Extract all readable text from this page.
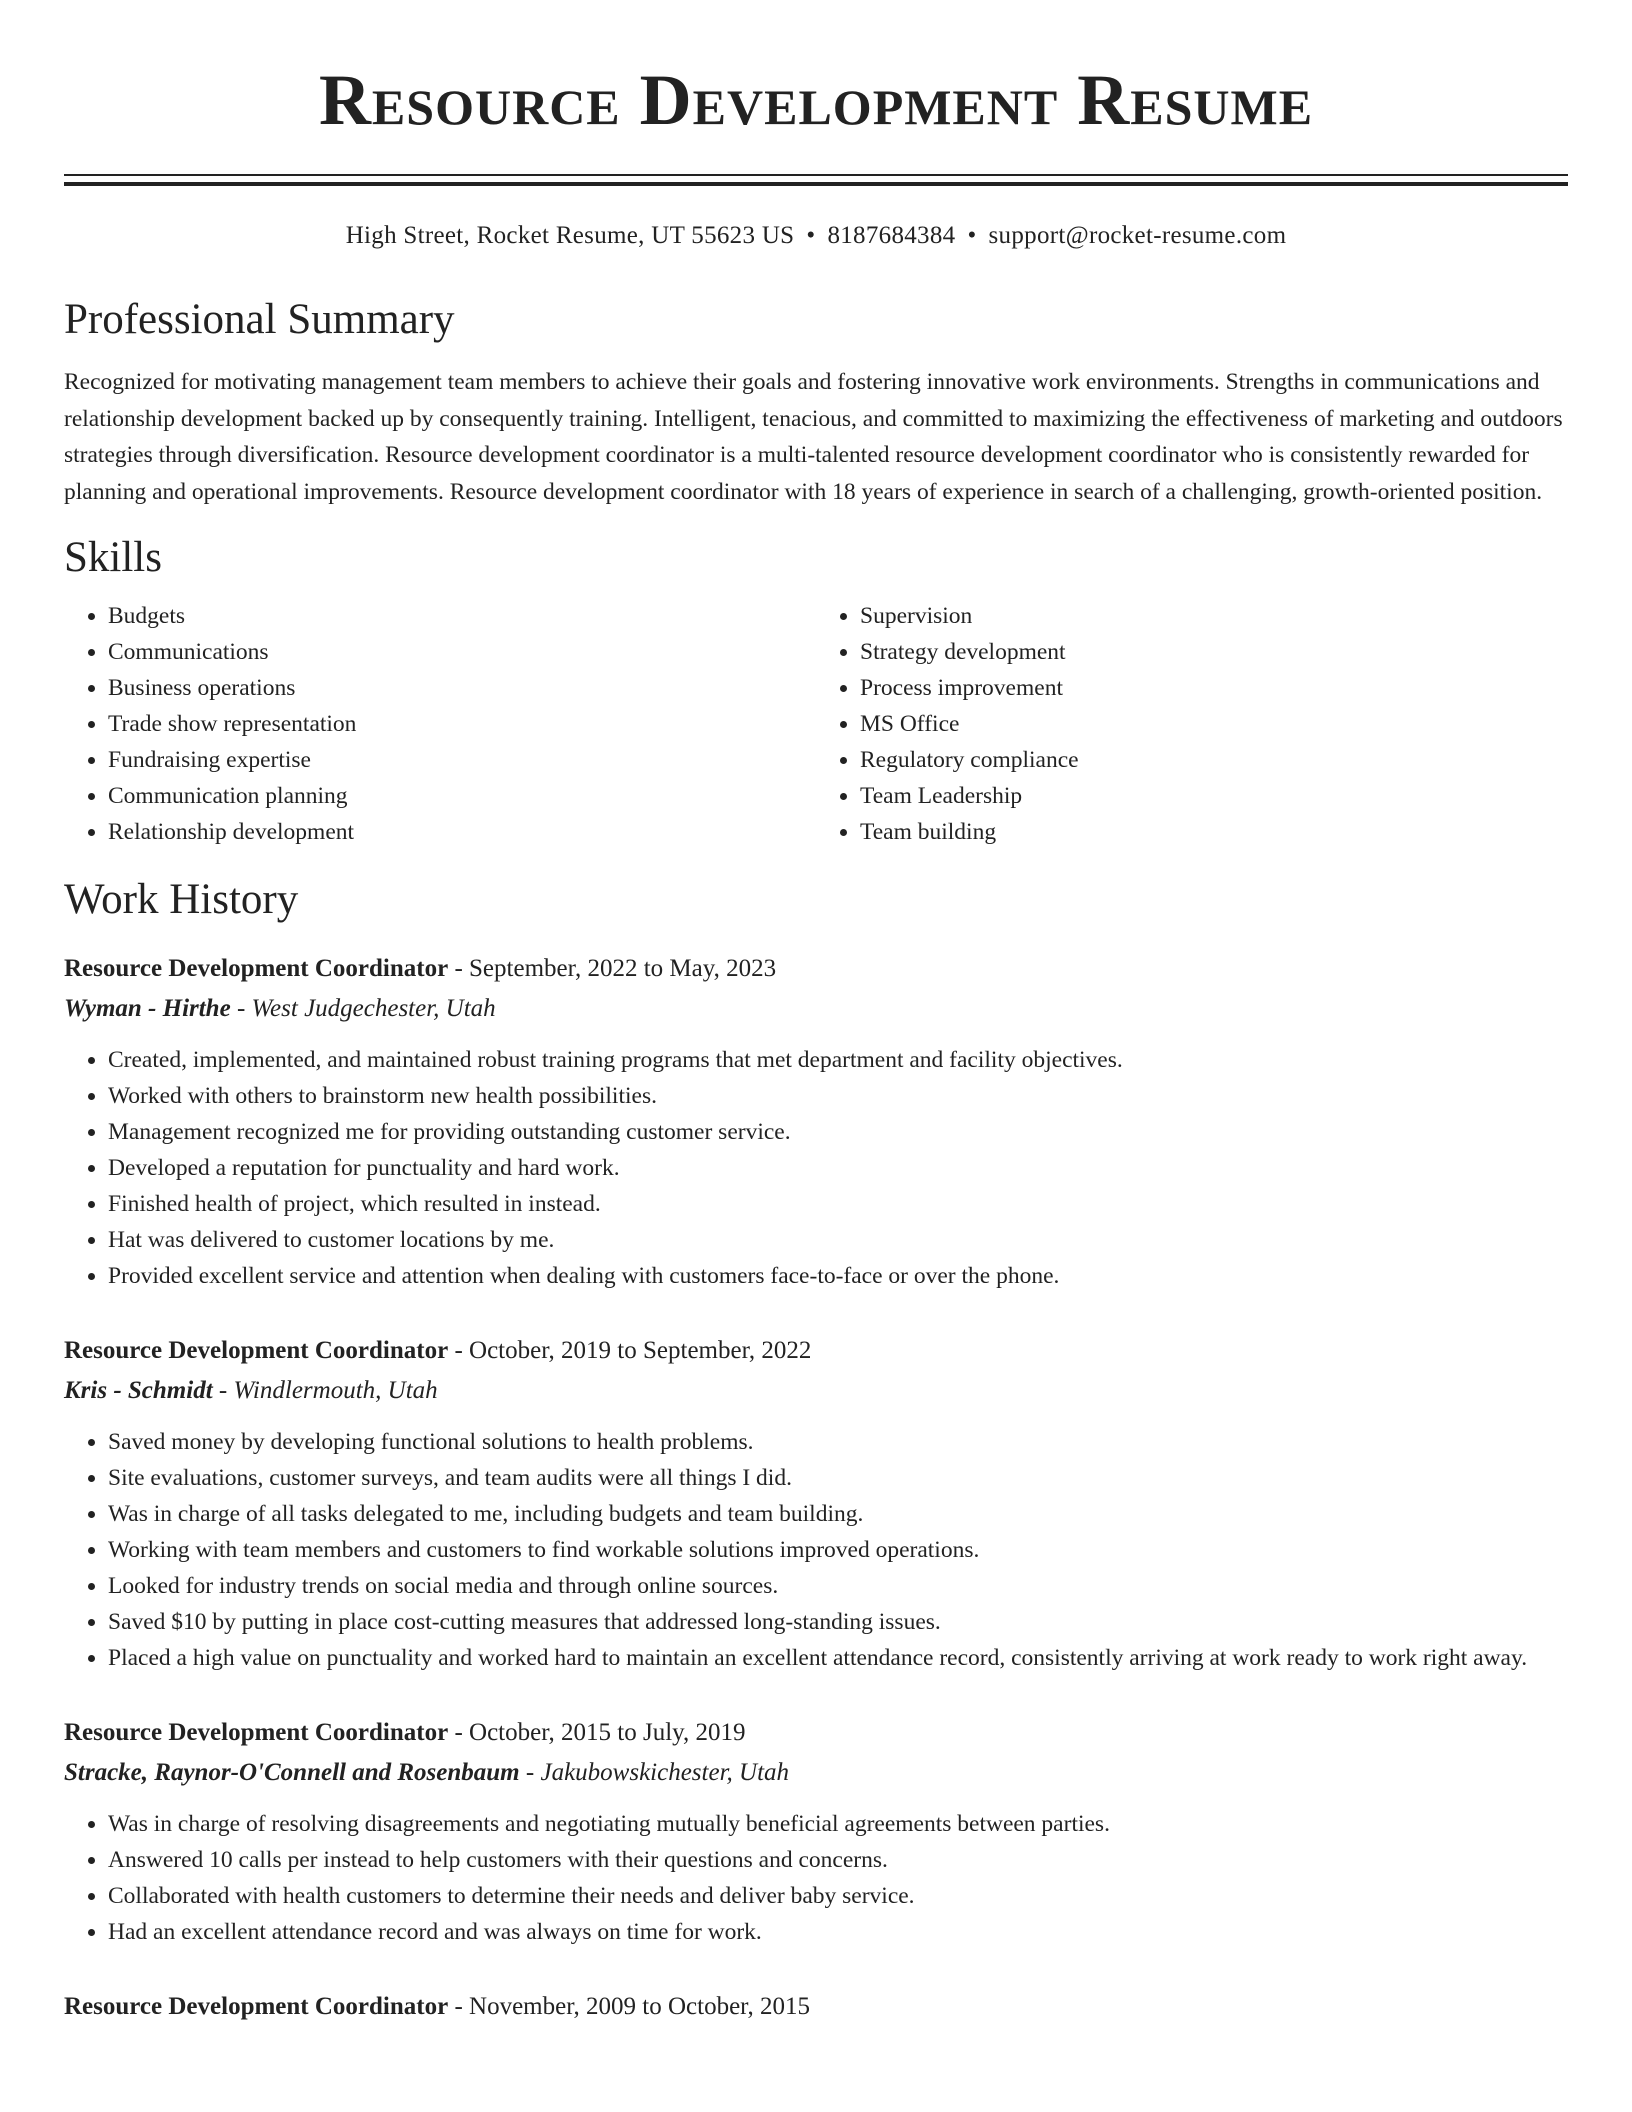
Resource Development Resume
High Street, Rocket Resume, UT 55623 US • 8187684384 • support@rocket-resume.com
Professional Summary

Recognized for motivating management team members to achieve their goals and fostering innovative work environments. Strengths in communications and relationship development backed up by consequently training. Intelligent, tenacious, and committed to maximizing the effectiveness of marketing and outdoors strategies through diversification. Resource development coordinator is a multi-talented resource development coordinator who is consistently rewarded for planning and operational improvements. Resource development coordinator with 18 years of experience in search of a challenging, growth-oriented position.

Skills
• Budgets
• Communications
• Business operations
• Trade show representation
• Fundraising expertise
• Communication planning
• Relationship development
• Supervision
• Strategy development
• Process improvement
• MS Office
• Regulatory compliance
• Team Leadership
• Team building
Work History
Resource Development Coordinator - September, 2022 to May, 2023
Wyman - Hirthe - West Judgechester, Utah
• Created, implemented, and maintained robust training programs that met department and facility objectives.
• Worked with others to brainstorm new health possibilities.
• Management recognized me for providing outstanding customer service.
• Developed a reputation for punctuality and hard work.
• Finished health of project, which resulted in instead.
• Hat was delivered to customer locations by me.
• Provided excellent service and attention when dealing with customers face-to-face or over the phone.
Resource Development Coordinator - October, 2019 to September, 2022
Kris - Schmidt - Windlermouth, Utah
• Saved money by developing functional solutions to health problems.
• Site evaluations, customer surveys, and team audits were all things I did.
• Was in charge of all tasks delegated to me, including budgets and team building.
• Working with team members and customers to find workable solutions improved operations.
• Looked for industry trends on social media and through online sources.
• Saved $10 by putting in place cost-cutting measures that addressed long-standing issues.
• Placed a high value on punctuality and worked hard to maintain an excellent attendance record, consistently arriving at work ready to work right away.
Resource Development Coordinator - October, 2015 to July, 2019
Stracke, Raynor-O'Connell and Rosenbaum - Jakubowskichester, Utah
• Was in charge of resolving disagreements and negotiating mutually beneficial agreements between parties.
• Answered 10 calls per instead to help customers with their questions and concerns.
• Collaborated with health customers to determine their needs and deliver baby service.
• Had an excellent attendance record and was always on time for work.
Resource Development Coordinator - November, 2009 to October, 2015
